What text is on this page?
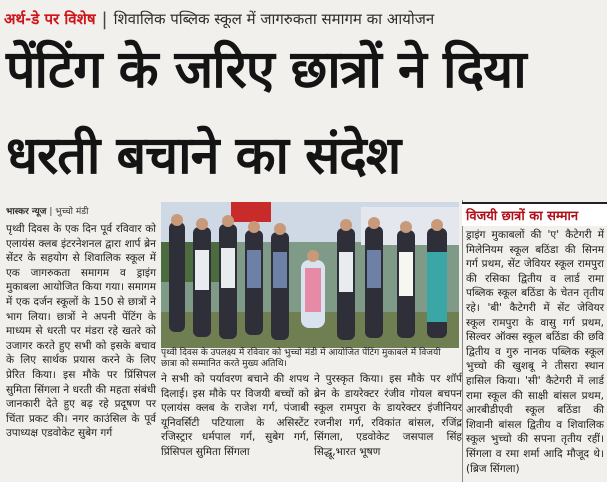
अर्थ-डे पर विशेष | शिवालिक पब्लिक स्कूल में जागरुकता समागम का आयोजन
पेंटिंग के जरिए छात्रों ने दिया
धरती बचाने का संदेश
भास्कर न्यूज | भुच्चो मंडी
पृथ्वी दिवस के एक दिन पूर्व रविवार को एलायंस क्लब इंटरनेशनल द्वारा शार्प ब्रेन सेंटर के सहयोग से शिवालिक स्कूल में एक जागरुकता समागम व ड्राइंग मुकाबला आयोजित किया गया। समागम में एक दर्जन स्कूलों के 150 से छात्रों ने भाग लिया। छात्रों ने अपनी पेंटिंग के माध्यम से धरती पर मंडरा रहे खतरे को उजागर करते हुए सभी को इसके बचाव के लिए सार्थक प्रयास करने के लिए प्रेरित किया। इस मौके पर प्रिंसिपल सुमिता सिंगला ने धरती की महता संबंधी जानकारी देते हुए बढ़ रहे प्रदूषण पर चिंता प्रकट की। नगर काउंसिल के पूर्व उपाध्यक्ष एडवोकेट सुबेग गर्ग
पृथ्वी दिवस के उपलक्ष्य में रविवार को भुच्चो मंडी में आयोजित पेंटिंग मुकाबले में विजयी छात्रा को सम्मानित करते मुख्य अतिथि।
ने सभी को पर्यावरण बचाने की शपथ दिलाई। इस मौके पर विजयी बच्चों को एलायंस क्लब के राजेश गर्ग, पंजाबी यूनिवर्सिटी पटियाला के असिस्टेंट रजिस्ट्रार धर्मपाल गर्ग, सुबेग गर्ग, प्रिंसिपल सुमिता सिंगला
ने पुरस्कृत किया। इस मौके पर शॉर्प ब्रेन के डायरेक्टर रंजीव गोयल बचपन स्कूल रामपुरा के डायरेक्टर इंजीनियर रजनीश गर्ग, रविकांत बांसल, रजिंद्र सिंगला, एडवोकेट जसपाल सिंह सिद्धू,भारत भूषण
विजयी छात्रों का सम्मान
ड्राइंग मुकाबलों की 'ए' कैटेगरी में मिलेनियम स्कूल बठिंडा की सिनम गर्ग प्रथम, सेंट जेवियर स्कूल रामपुरा की रसिका द्वितीय व लार्ड रामा पब्लिक स्कूल बठिंडा के चेतन तृतीय रहे। 'बी' कैटेगरी में सेंट जेवियर स्कूल रामपुरा के वासु गर्ग प्रथम, सिल्वर ऑक्स स्कूल बठिंडा की छवि द्वितीय व गुरु नानक पब्लिक स्कूल भुच्चो की खुशबू ने तीसरा स्थान हासिल किया। 'सी' कैटेगरी में लार्ड रामा स्कूल की साक्षी बांसल प्रथम, आरबीडीएवी स्कूल बठिंडा की शिवानी बांसल द्वितीय व शिवालिक स्कूल भुच्चो की सपना तृतीय रहीं। सिंगला व रमा शर्मा आदि मौजूद थे। (ब्रिज सिंगला)
